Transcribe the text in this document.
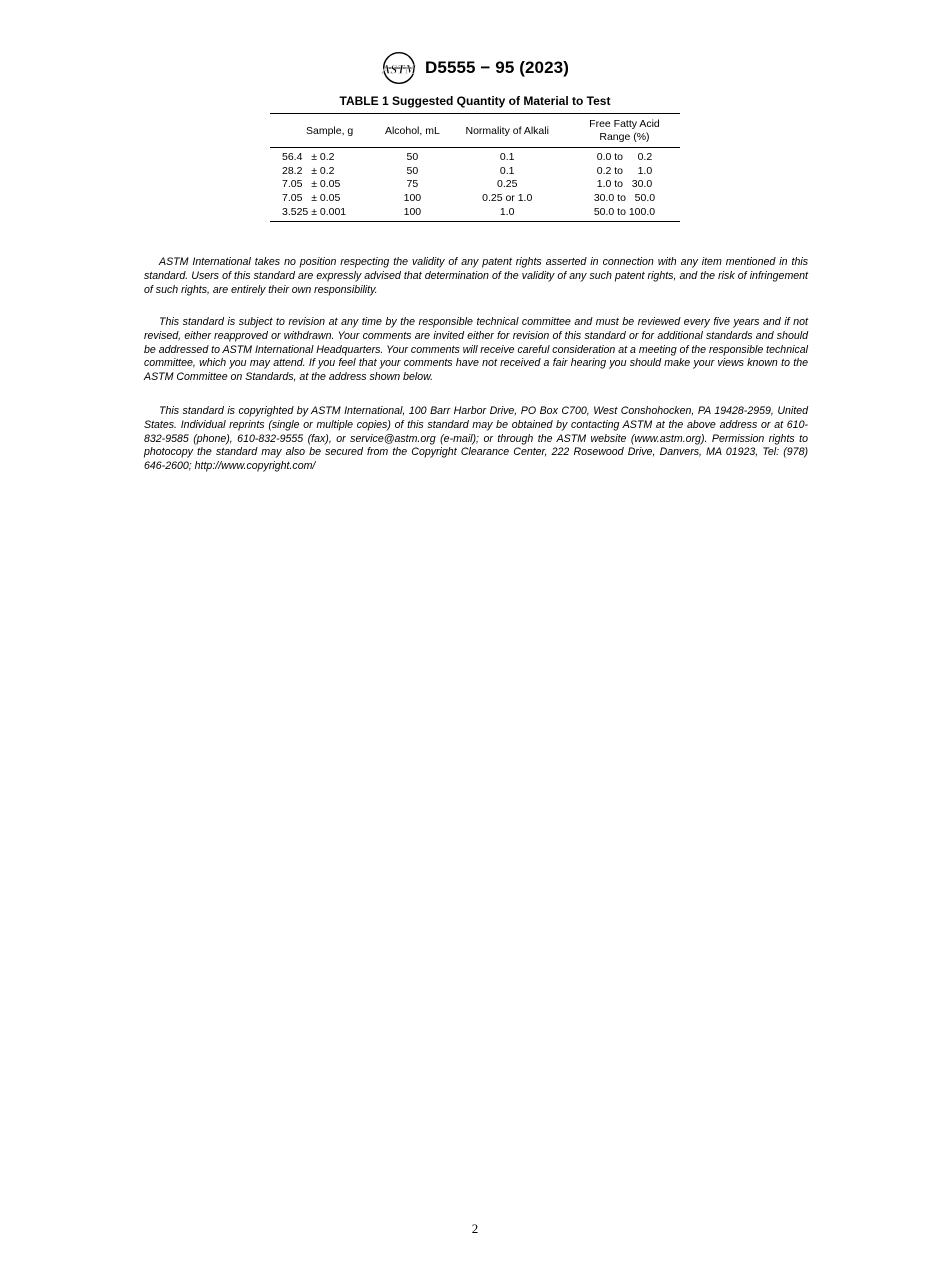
ASTM D5555 − 95 (2023)
TABLE 1 Suggested Quantity of Material to Test
Sample, g	Alcohol, mL	Normality of Alkali	Free Fatty Acid
Range (%)
56.4   ± 0.2	50	0.1	0.0 to     0.2
28.2   ± 0.2	50	0.1	0.2 to     1.0
7.05   ± 0.05	75	0.25	1.0 to   30.0
7.05   ± 0.05	100	0.25 or 1.0	30.0 to   50.0
3.525 ± 0.001	100	1.0	50.0 to 100.0

ASTM International takes no position respecting the validity of any patent rights asserted in connection with any item mentioned in this standard. Users of this standard are expressly advised that determination of the validity of any such patent rights, and the risk of infringement of such rights, are entirely their own responsibility.

This standard is subject to revision at any time by the responsible technical committee and must be reviewed every five years and if not revised, either reapproved or withdrawn. Your comments are invited either for revision of this standard or for additional standards and should be addressed to ASTM International Headquarters. Your comments will receive careful consideration at a meeting of the responsible technical committee, which you may attend. If you feel that your comments have not received a fair hearing you should make your views known to the ASTM Committee on Standards, at the address shown below.

This standard is copyrighted by ASTM International, 100 Barr Harbor Drive, PO Box C700, West Conshohocken, PA 19428-2959, United States. Individual reprints (single or multiple copies) of this standard may be obtained by contacting ASTM at the above address or at 610-832-9585 (phone), 610-832-9555 (fax), or service@astm.org (e-mail); or through the ASTM website (www.astm.org). Permission rights to photocopy the standard may also be secured from the Copyright Clearance Center, 222 Rosewood Drive, Danvers, MA 01923, Tel: (978) 646-2600; http://www.copyright.com/

2
